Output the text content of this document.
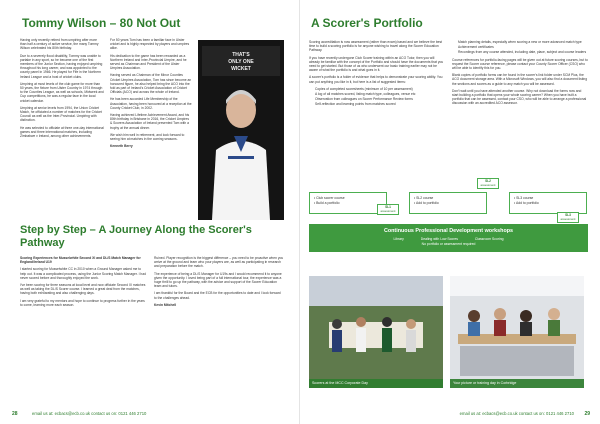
Tommy Wilson – 80 Not Out

Having only recently retired from umpiring after more than half a century of active service, the many Tommy Wilson celebrated his 80th birthday.

Due to a severely flood disability, Tommy was unable to partake in any sport, so he became one of the first members of the Junior Section, having enjoyed umpiring throughout his long career, and was appointed to the county panel in 1966. He played for Fife in the Northern Ireland League and a host of cricket clubs.

Umpiring at most levels of the club game for more than 50 years, the fixture from Ulster Country in 1974 through to the Counties League, as well as schools, Midweek and Cup competitions, he was a regular face in the local cricket calendar.

Umpiring at senior levels from 1994, the Union Cricket Match, he officiated a number of matches for the Cricket Council as well as the Inter-Provincial. Umpiring with distinction.

He was selected to officiate at three one-day international games and three international matches, including Zimbabwe v Ireland, among other achievements.

For 50 years Tom has been a familiar face in Ulster cricket and is highly respected by players and umpires alike.

His dedication to the game has been rewarded as a Northern Ireland and Inter-Provincial Umpire, and he served as Chairman and President of the Ulster Umpires Association.

Having served as Chairman of the Minor Counties Cricket Umpires Association, Tom has since become an honoured figure, he also helped bring the ACO into the fold as part of Ireland's Cricket Association of Cricket Officials (ACO) and across the whole of Ireland.

He has been accorded Life Membership of the Association, having been honoured at a reception at the County Cricket Club, in 2002.

Having achieved Lifetime Achievement Award, and his 80th birthday in Brisbane in 2016, the Cricket Umpires & Scorers Association of Ireland presented Tom with a trophy at the annual dinner.

We wish him well in retirement, and look forward to seeing him at matches in the coming seasons.

Kenneth Berry

THAT'S
ONLY ONE
WICKET
Step by Step – A Journey Along the Scorer's Pathway

Scoring Experiences for Musselwhite Second XI and DL/S Match Manager for England/Ireland U19

I started scoring for Musselwhite CC in 2010 when a Ground Manager asked me to help out. It was a complicated process, using the Junior Scoring Match Manager. I had never scored before and thoroughly enjoyed the work.

I've been scoring for three seasons at local level and now officiate Second XI matches as well as taking the DL/S Scorer course. I learned a great deal from the matches, having both exhilarating and also challenging days.

I am very grateful to my mentors and hope to continue to progress further in the years to come, learning more each season.

Ruined. Player recognition is the biggest difference – you need to be proactive when you arrive at the ground and learn who your players are, as well as participating in research and preparation before the match.

The experience of being a DL/S Manager for U19s and I would recommend it to anyone given the opportunity. I loved being part of a full international tour, the experience was a huge thrill to go up the pathway, with the advice and support of the Scorer Education team and tutors.

I am thankful for the Board and the ECB for the opportunities to date and I look forward to the challenges ahead.

Kevin Mitchell

28	email us at: ecbacs@ecb.co.uk contact us on: 0121 446 2710
A Scorer's Portfolio

Scoring accreditation is now assessment (rather than exam) based and we believe the best time to build a scoring portfolio is for anyone wishing to travel along the Scorer Education Pathway.

If you have recently undergone Club Scorer training within an ACO Tutor, then you will already be familiar with the concept of the Portfolio and should have the documents that you need to get started. But those of us who underwent our basic training earlier may not be aware of what the portfolio is and what goes in it.

A scorer's portfolio is a folder of evidence that helps to demonstrate your scoring ability. You can put anything you like in it, but here is a list of suggested items:

• Copies of completed scoresheets (minimum of 10 per assessment)
• A log of all matches scored, listing match type, colleagues, venue etc
• Observation from colleagues on Scorer Performance Review forms
• Self-reflection and learning points from matches scored
• Match planning details, especially when scoring a new or more advanced match type
• Achievement certificates
• Recordings from any course attended, including date, place, subject and course leaders

Course references for portfolio-facing pages will be given out at future scoring courses, but to request the Scorer course reference, please contact your County Scorer Officer (CSO) who will be able to identify this for you.

Blank copies of portfolio forms can be found in the scorer's link folder under SCM Plus, the ACO document storage area. With a Microsoft Windows, you will also find a document listing the sections and scores as a guide to any match you will be assessed.

Don't wait until you have attended another course. Why not download the forms now and start building a portfolio that opens your whole scoring career? When you have built a portfolio that can be assessed, contact your CSO, who will be able to arrange a professional discussion with an accredited ACO assessor.

• Club scorer course
• Build a portfolio
• SL2 course
• Add to portfolio
• SL3 course
• Add to portfolio
SL1
assessment
SL2
assessment
SL3
assessment
Continuous Professional Development workshops
Library	Dealing with Low Scores	Classroom Scoring
No portfolio or assessment required
Scorers at the MCC Corporate Day	Your picture or training day in Corbridge
email us at: ecbacs@ecb.co.uk contact us on: 0121 446 2710 29
